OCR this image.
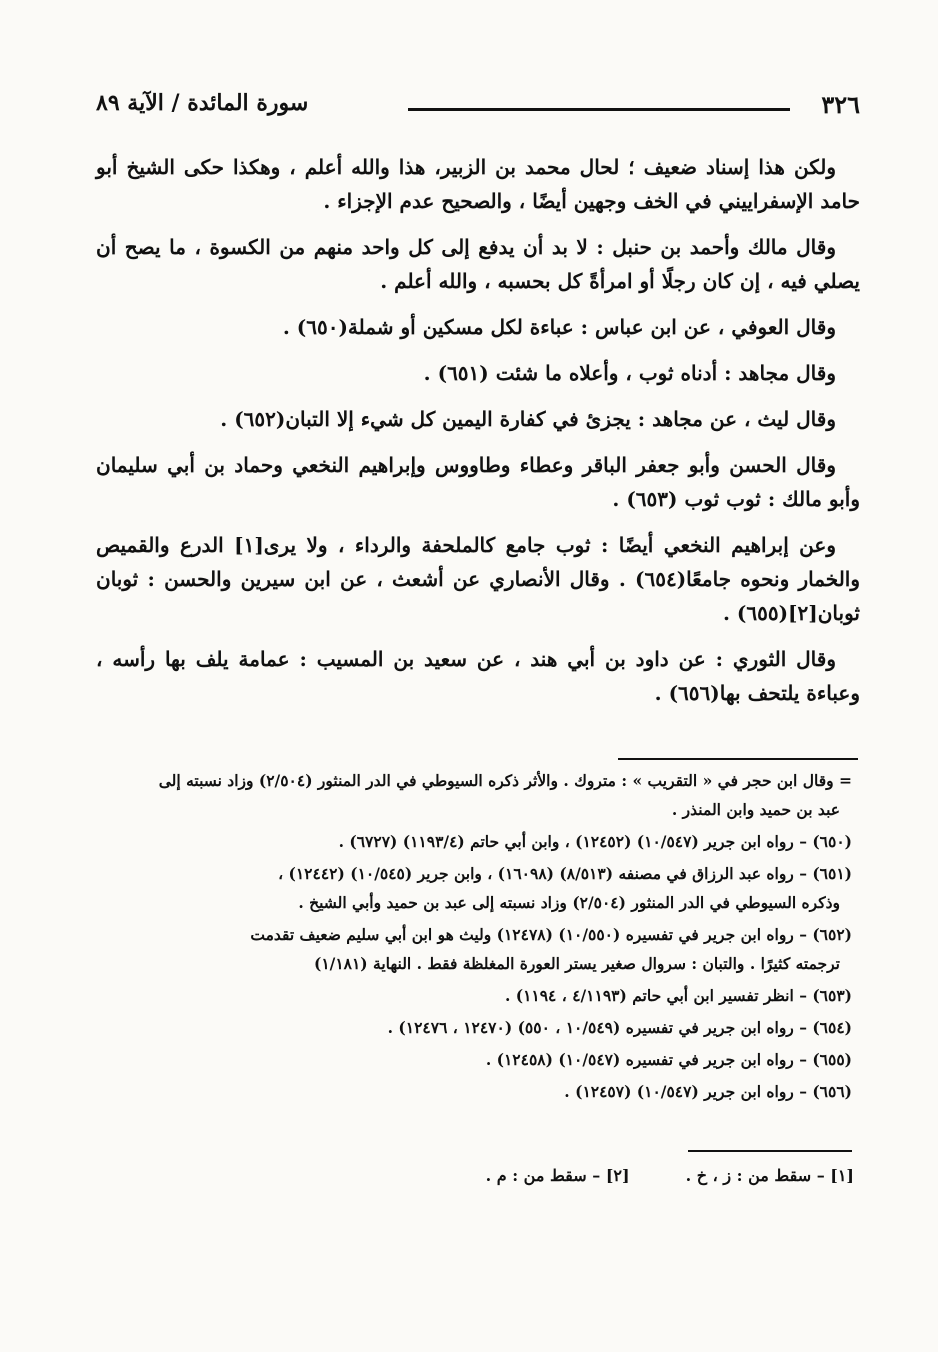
٣٢٦
سورة المائدة / الآية ٨٩

ولكن هذا إسناد ضعيف ؛ لحال محمد بن الزبير، هذا والله أعلم ، وهكذا حكى الشيخ أبو حامد الإسفراييني في الخف وجهين أيضًا ، والصحيح عدم الإجزاء .

وقال مالك وأحمد بن حنبل : لا بد أن يدفع إلى كل واحد منهم من الكسوة ، ما يصح أن يصلي فيه ، إن كان رجلًا أو امرأةً كل بحسبه ، والله أعلم .

وقال العوفي ، عن ابن عباس : عباءة لكل مسكين أو شملة(٦٥٠) .

وقال مجاهد : أدناه ثوب ، وأعلاه ما شئت (٦٥١) .

وقال ليث ، عن مجاهد : يجزئ في كفارة اليمين كل شيء إلا التبان(٦٥٢) .

وقال الحسن وأبو جعفر الباقر وعطاء وطاووس وإبراهيم النخعي وحماد بن أبي سليمان وأبو مالك : ثوب ثوب (٦٥٣) .

وعن إبراهيم النخعي أيضًا : ثوب جامع كالملحفة والرداء ، ولا يرى[١] الدرع والقميص والخمار ونحوه جامعًا(٦٥٤) . وقال الأنصاري عن أشعث ، عن ابن سيرين والحسن : ثوبان ثوبان[٢](٦٥٥) .

وقال الثوري : عن داود بن أبي هند ، عن سعيد بن المسيب : عمامة يلف بها رأسه ، وعباءة يلتحف بها(٦٥٦) .

= وقال ابن حجر في « التقريب » : متروك . والأثر ذكره السيوطي في الدر المنثور (٢/٥٠٤) وزاد نسبته إلى
عبد بن حميد وابن المنذر .

(٦٥٠) – رواه ابن جرير (١٠/٥٤٧) (١٢٤٥٢) ، وابن أبي حاتم (١١٩٣/٤) (٦٧٢٧) .

(٦٥١) – رواه عبد الرزاق في مصنفه (٨/٥١٣) (١٦٠٩٨) ، وابن جرير (١٠/٥٤٥) (١٢٤٤٢) ،
وذكره السيوطي في الدر المنثور (٢/٥٠٤) وزاد نسبته إلى عبد بن حميد وأبي الشيخ .

(٦٥٢) – رواه ابن جرير في تفسيره (١٠/٥٥٠) (١٢٤٧٨) وليث هو ابن أبي سليم ضعيف تقدمت
ترجمته كثيرًا . والتبان : سروال صغير يستر العورة المغلظة فقط . النهاية (١/١٨١)

(٦٥٣) – انظر تفسير ابن أبي حاتم (٤/١١٩٣ ، ١١٩٤) .

(٦٥٤) – رواه ابن جرير في تفسيره (١٠/٥٤٩ ، ٥٥٠) (١٢٤٧٠ ، ١٢٤٧٦) .

(٦٥٥) – رواه ابن جرير في تفسيره (١٠/٥٤٧) (١٢٤٥٨) .

(٦٥٦) – رواه ابن جرير (١٠/٥٤٧) (١٢٤٥٧) .

[١] – سقط من : ز ، خ .
[٢] – سقط من : م .
